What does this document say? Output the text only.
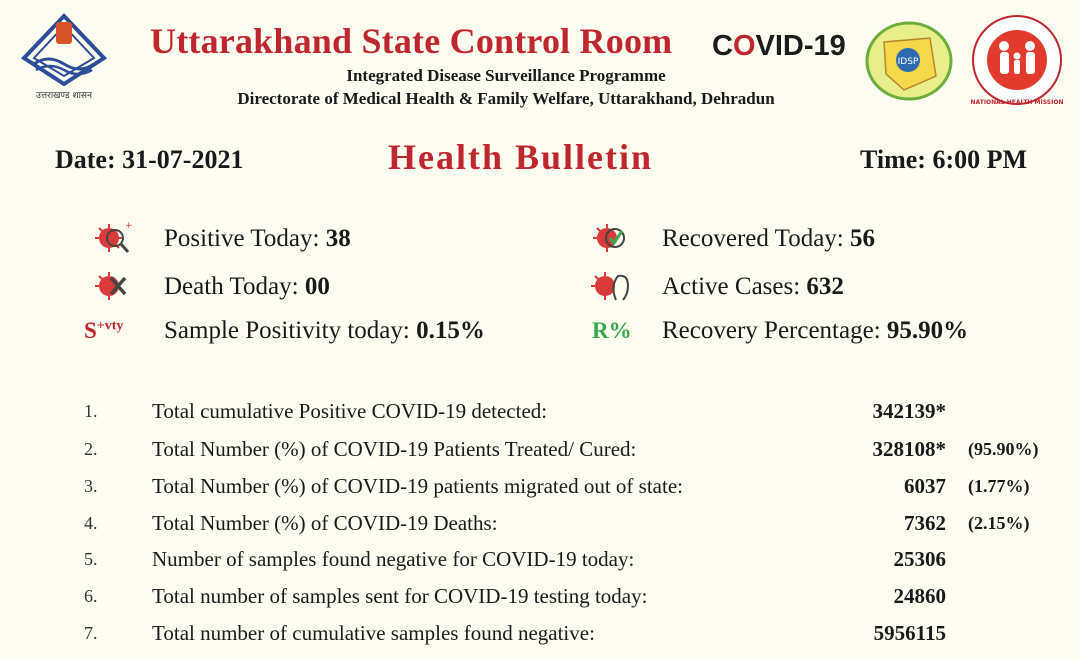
उत्तराखण्ड शासन
Uttarakhand State Control Room COVID-19
Integrated Disease Surveillance Programme
Directorate of Medical Health & Family Welfare, Uttarakhand, Dehradun
IDSP
NATIONAL HEALTH MISSION
Date: 31-07-2021	Health Bulletin	Time: 6:00 PM
+ Positive Today: 38	Recovered Today: 56
Death Today: 00	Active Cases: 632
$S^{+vty}$ Sample Positivity today: 0.15%	R% Recovery Percentage: 95.90%
1.	Total cumulative Positive COVID-19 detected:	342139*
2.	Total Number (%) of COVID-19 Patients Treated/ Cured:	328108* (95.90%)
3.	Total Number (%) of COVID-19 patients migrated out of state:	6037 (1.77%)
4.	Total Number (%) of COVID-19 Deaths:	7362 (2.15%)
5.	Number of samples found negative for COVID-19 today:	25306
6.	Total number of samples sent for COVID-19 testing today:	24860
7.	Total number of cumulative samples found negative:	5956115
